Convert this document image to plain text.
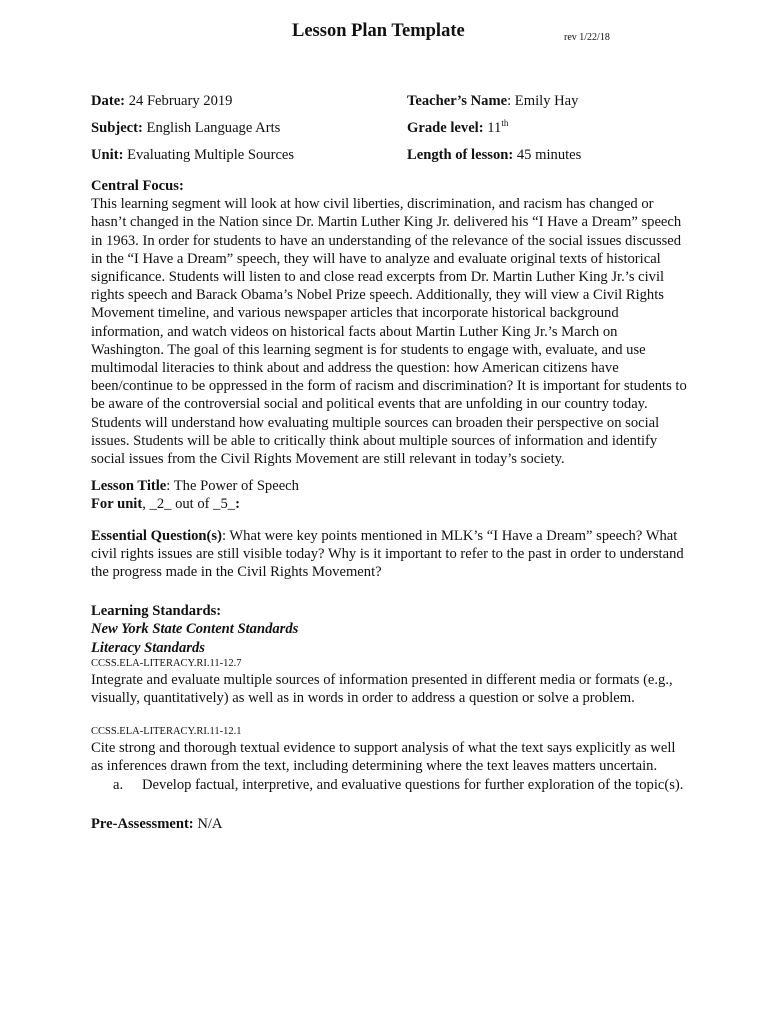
Lesson Plan Template	rev 1/22/18
Date: 24 February 2019	Teacher’s Name: Emily Hay
Subject: English Language Arts	Grade level: 11th
Unit: Evaluating Multiple Sources	Length of lesson: 45 minutes
Central Focus:

This learning segment will look at how civil liberties, discrimination, and racism has changed or hasn’t changed in the Nation since Dr. Martin Luther King Jr. delivered his “I Have a Dream” speech in 1963. In order for students to have an understanding of the relevance of the social issues discussed in the “I Have a Dream” speech, they will have to analyze and evaluate original texts of historical significance. Students will listen to and close read excerpts from Dr. Martin Luther King Jr.’s civil rights speech and Barack Obama’s Nobel Prize speech. Additionally, they will view a Civil Rights Movement timeline, and various newspaper articles that incorporate historical background information, and watch videos on historical facts about Martin Luther King Jr.’s March on Washington. The goal of this learning segment is for students to engage with, evaluate, and use multimodal literacies to think about and address the question: how American citizens have been/continue to be oppressed in the form of racism and discrimination? It is important for students to be aware of the controversial social and political events that are unfolding in our country today. Students will understand how evaluating multiple sources can broaden their perspective on social issues. Students will be able to critically think about multiple sources of information and identify social issues from the Civil Rights Movement are still relevant in today’s society.

Lesson Title: The Power of Speech

For unit, _2_ out of _5_:

Essential Question(s): What were key points mentioned in MLK’s “I Have a Dream” speech? What civil rights issues are still visible today? Why is it important to refer to the past in order to understand the progress made in the Civil Rights Movement?

Learning Standards:
New York State Content Standards
Literacy Standards
CCSS.ELA-LITERACY.RI.11-12.7

Integrate and evaluate multiple sources of information presented in different media or formats (e.g., visually, quantitatively) as well as in words in order to address a question or solve a problem.

CCSS.ELA-LITERACY.RI.11-12.1

Cite strong and thorough textual evidence to support analysis of what the text says explicitly as well as inferences drawn from the text, including determining where the text leaves matters uncertain.

a. Develop factual, interpretive, and evaluative questions for further exploration of the topic(s).

Pre-Assessment: N/A
